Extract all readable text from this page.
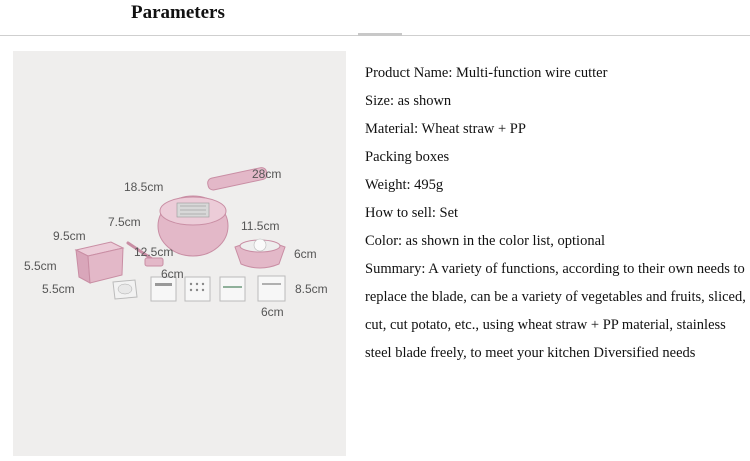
Parameters
28cm
18.5cm
7.5cm
9.5cm
5.5cm
5.5cm
12.5cm
6cm
11.5cm
6cm
8.5cm
6cm
Product Name: Multi-function wire cutter
Size: as shown
Material: Wheat straw + PP
Packing boxes
Weight: 495g
How to sell: Set
Color: as shown in the color list, optional
Summary: A variety of functions, according to their own needs to replace the blade, can be a variety of vegetables and fruits, sliced, cut, cut potato, etc., using wheat straw + PP material, stainless steel blade freely, to meet your kitchen Diversified needs
